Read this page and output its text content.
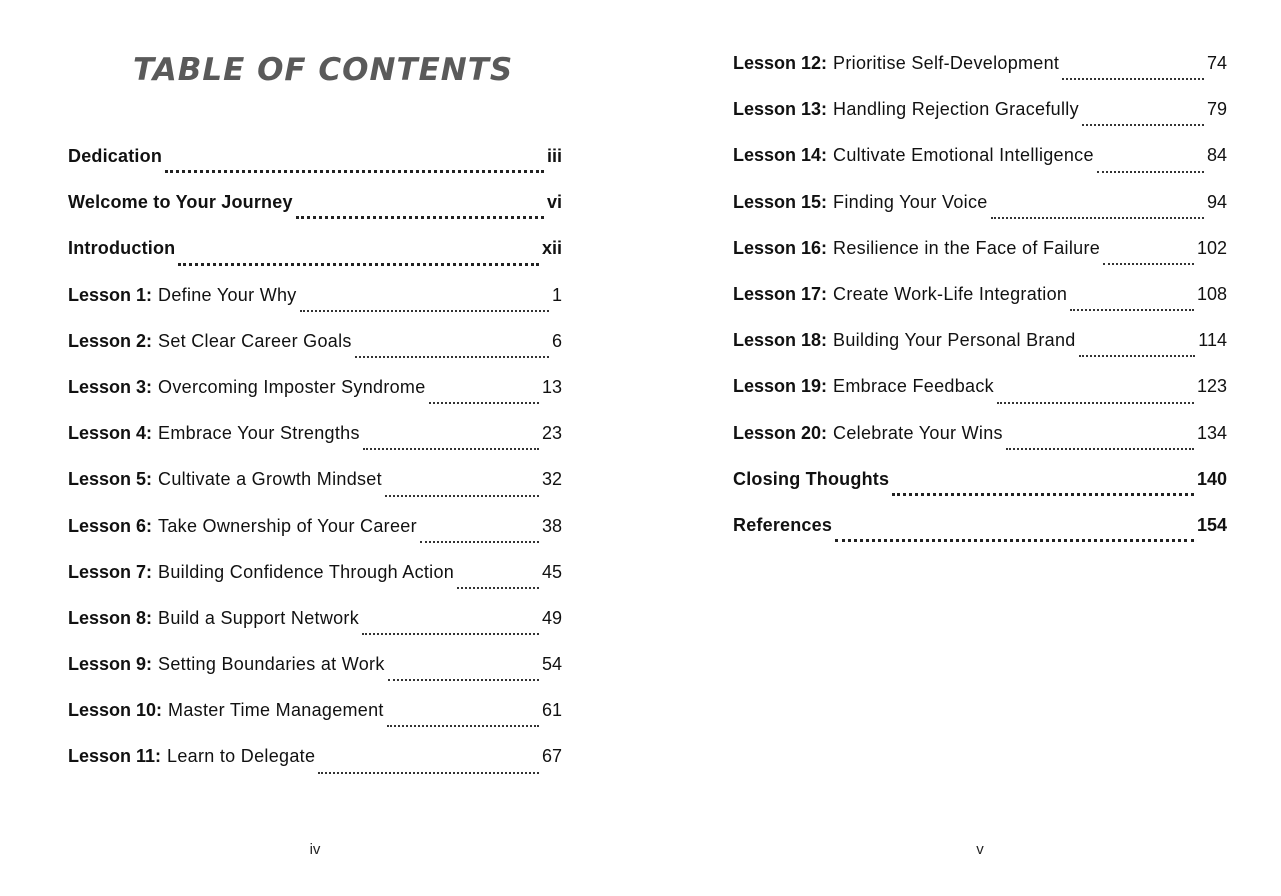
TABLE OF CONTENTS
Dedication	iii
Welcome to Your Journey	vi
Introduction	xii
Lesson 1: Define Your Why	1
Lesson 2: Set Clear Career Goals	6
Lesson 3: Overcoming Imposter Syndrome	13
Lesson 4: Embrace Your Strengths	23
Lesson 5: Cultivate a Growth Mindset	32
Lesson 6: Take Ownership of Your Career	38
Lesson 7: Building Confidence Through Action	45
Lesson 8: Build a Support Network	49
Lesson 9: Setting Boundaries at Work	54
Lesson 10: Master Time Management	61
Lesson 11: Learn to Delegate	67
iv
Lesson 12: Prioritise Self-Development	74
Lesson 13: Handling Rejection Gracefully	79
Lesson 14: Cultivate Emotional Intelligence	84
Lesson 15: Finding Your Voice	94
Lesson 16: Resilience in the Face of Failure	102
Lesson 17: Create Work-Life Integration	108
Lesson 18: Building Your Personal Brand	114
Lesson 19: Embrace Feedback	123
Lesson 20: Celebrate Your Wins	134
Closing Thoughts	140
References	154
v
